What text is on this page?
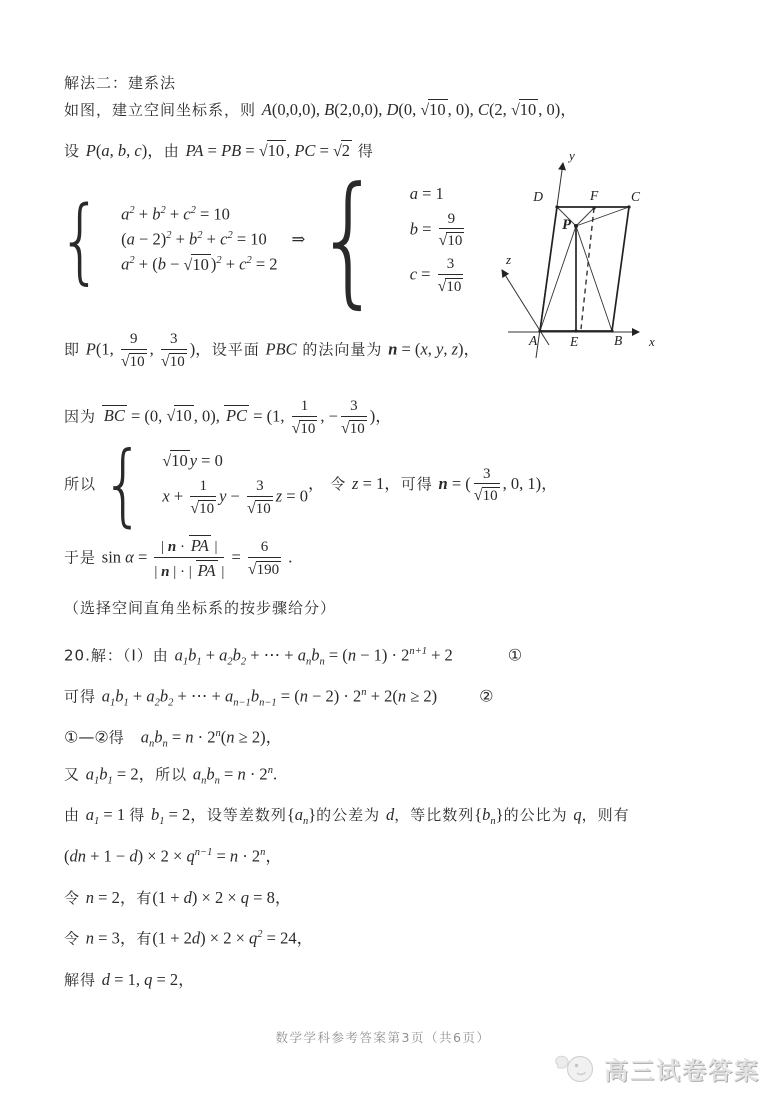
解法二：建系法
如图，建立空间坐标系，则 A(0,0,0), B(2,0,0), D(0, √10 , 0), C(2, √10 , 0)，
设 P(a, b, c)，由 PA = PB = √10 , PC = √2 得
{ $a^2 + b^2 + c^2 = 10$
$(a - 2)^2 + b^2 + c^2 = 10$
$a^2 + (b - √10$ )$^2 + c^2 = 2$
⇒ { a = 1
$b = \frac{9}{√10}$
$c = \frac{3}{√10}$
即 P(1, $\frac{9}{√10}$ , $\frac{3}{√10}$ )，设平面 PBC 的法向量为 n = (x, y, z)，
因为 BC = (0, √10 , 0), PC = (1, $\frac{1}{√10}$ , − $\frac{3}{√10}$ )，
所以 { √10 y = 0
$x + \frac{1}{√10}$ $y - \frac{3}{√10}$ z = 0
， 令 z = 1，可得 n = ( $\frac{3}{√10}$ , 0, 1)，
于是 $\sin \alpha = \frac{| n \cdot PA |}{| n | \cdot | PA |} = \frac{6}{√190}$ .
（选择空间直角坐标系的按步骤给分）
20.解：（Ⅰ）由 $a_1b_1 + a_2b_2$ + ⋯ + $a_nb_n = (n - 1) \cdot 2^{n+1} + 2$	①
可得 $a_1b_1 + a_2b_2$ + ⋯ + $a_{n-1}b_{n-1} = (n - 2) \cdot 2^n + 2(n \ge 2)$	②
①—②得 $a_nb_n = n \cdot 2^n(n \ge 2)$，
又 $a_1b_1 = 2$，所以 $a_nb_n = n \cdot 2^n$.
由 $a_1 = 1$ 得 $b_1 = 2$，设等差数列$\{a_n\}$的公差为 d，等比数列$\{b_n\}$的公比为 q，则有
$(dn + 1 - d) \times 2 \times q^{n-1} = n \cdot 2^n$，
令 n = 2，有(1 + d) × 2 × q = 8，
令 n = 3，有$(1 + 2d) \times 2 \times q^2 = 24$，
解得 d = 1, q = 2，
y
z
x
D	F C
P
A E	B
数学学科参考答案第3页（共6页）
高三试卷答案
